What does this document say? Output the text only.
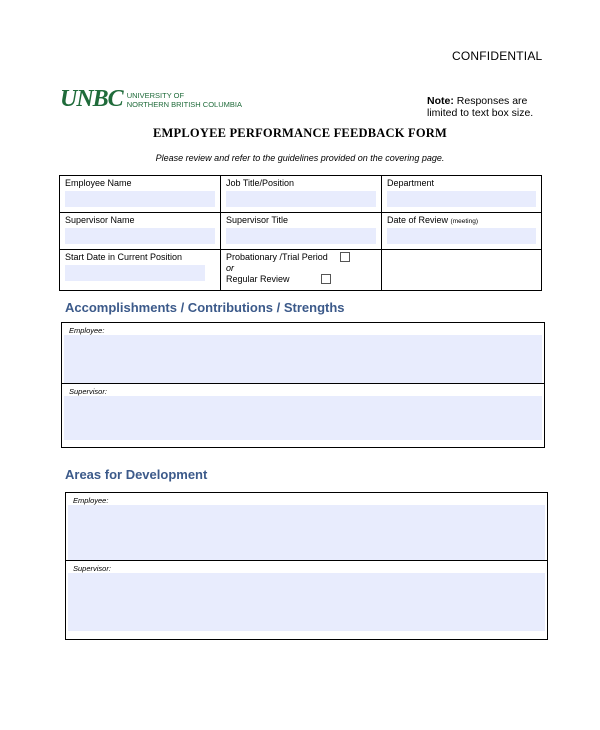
CONFIDENTIAL
UNBC UNIVERSITY OF
NORTHERN BRITISH COLUMBIA	Note: Responses are
limited to text box size.
EMPLOYEE PERFORMANCE FEEDBACK FORM
Please review and refer to the guidelines provided on the covering page.
Employee Name	Job Title/Position	Department

Supervisor Name	Supervisor Title	Date of Review (meeting)

Start Date in Current Position	Probationary /Trial Period
or
Regular Review	

Accomplishments / Contributions / Strengths
Employee:
Supervisor:
Areas for Development
Employee:
Supervisor:
